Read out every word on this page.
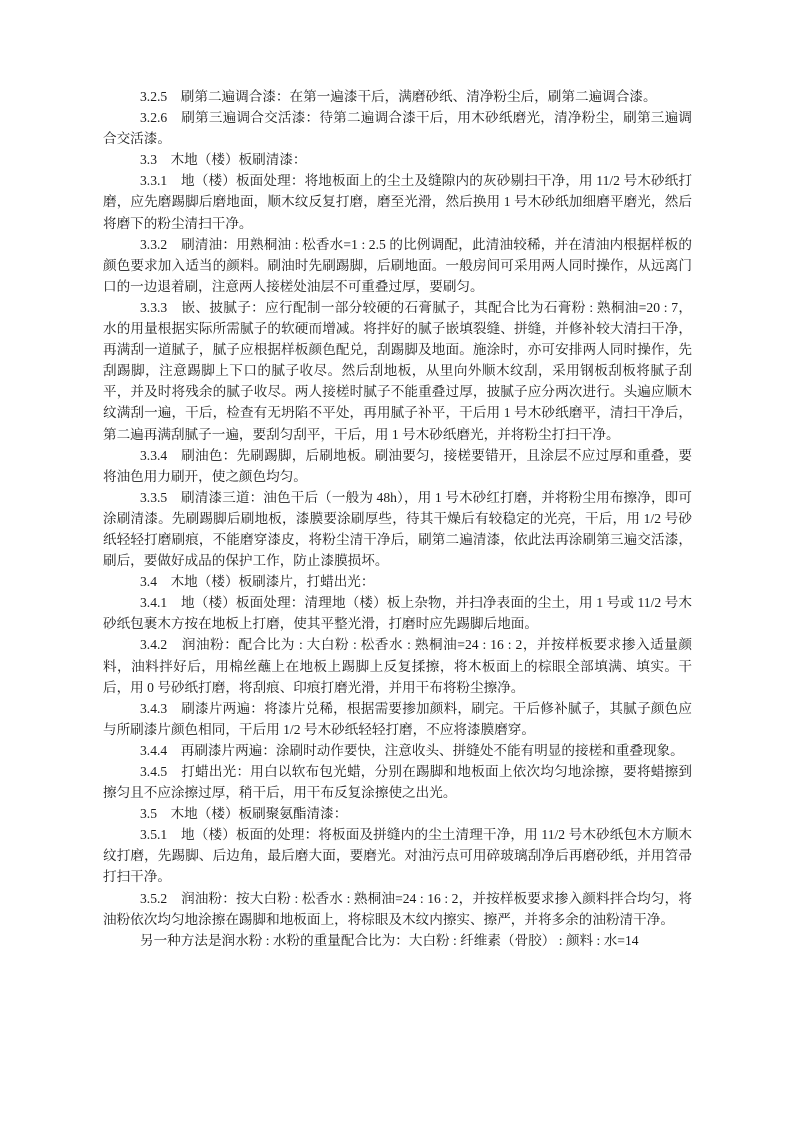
3.2.5　刷第二遍调合漆：在第一遍漆干后，满磨砂纸、清净粉尘后，刷第二遍调合漆。

3.2.6　刷第三遍调合交活漆：待第二遍调合漆干后，用木砂纸磨光，清净粉尘，刷第三遍调合交活漆。

3.3　木地（楼）板刷清漆：

3.3.1　地（楼）板面处理：将地板面上的尘土及缝隙内的灰砂剔扫干净，用 11/2 号木砂纸打磨，应先磨踢脚后磨地面，顺木纹反复打磨，磨至光滑，然后换用 1 号木砂纸加细磨平磨光，然后将磨下的粉尘清扫干净。

3.3.2　刷清油：用熟桐油 : 松香水=1 : 2.5 的比例调配，此清油较稀，并在清油内根据样板的颜色要求加入适当的颜料。刷油时先刷踢脚，后刷地面。一般房间可采用两人同时操作，从远离门口的一边退着刷，注意两人接槎处油层不可重叠过厚，要刷匀。

3.3.3　嵌、披腻子：应行配制一部分较硬的石膏腻子，其配合比为石膏粉 : 熟桐油=20 : 7，水的用量根据实际所需腻子的软硬而增减。将拌好的腻子嵌填裂缝、拼缝，并修补较大清扫干净，再满刮一道腻子，腻子应根据样板颜色配兑，刮踢脚及地面。施涂时，亦可安排两人同时操作，先刮踢脚，注意踢脚上下口的腻子收尽。然后刮地板，从里向外顺木纹刮，采用钢板刮板将腻子刮平，并及时将残余的腻子收尽。两人接槎时腻子不能重叠过厚，披腻子应分两次进行。头遍应顺木纹满刮一遍，干后，检查有无坍陷不平处，再用腻子补平，干后用 1 号木砂纸磨平，清扫干净后，第二遍再满刮腻子一遍，要刮匀刮平，干后，用 1 号木砂纸磨光，并将粉尘打扫干净。

3.3.4　刷油色：先刷踢脚，后刷地板。刷油要匀，接槎要错开，且涂层不应过厚和重叠，要将油色用力刷开，使之颜色均匀。

3.3.5　刷清漆三道：油色干后（一般为 48h），用 1 号木砂红打磨，并将粉尘用布擦净，即可涂刷清漆。先刷踢脚后刷地板，漆膜要涂刷厚些，待其干燥后有较稳定的光亮，干后，用 1/2 号砂纸轻轻打磨刷痕，不能磨穿漆皮，将粉尘清干净后，刷第二遍清漆，依此法再涂刷第三遍交活漆，刷后，要做好成品的保护工作，防止漆膜损坏。

3.4　木地（楼）板刷漆片，打蜡出光：

3.4.1　地（楼）板面处理：清理地（楼）板上杂物，并扫净表面的尘土，用 1 号或 11/2 号木砂纸包裹木方按在地板上打磨，使其平整光滑，打磨时应先踢脚后地面。

3.4.2　润油粉：配合比为 : 大白粉 : 松香水 : 熟桐油=24 : 16 : 2，并按样板要求掺入适量颜料，油料拌好后，用棉丝蘸上在地板上踢脚上反复揉擦，将木板面上的棕眼全部填满、填实。干后，用 0 号砂纸打磨，将刮痕、印痕打磨光滑，并用干布将粉尘擦净。

3.4.3　刷漆片两遍：将漆片兑稀，根据需要掺加颜料，刷完。干后修补腻子，其腻子颜色应与所刷漆片颜色相同，干后用 1/2 号木砂纸轻轻打磨，不应将漆膜磨穿。

3.4.4　再刷漆片两遍：涂刷时动作要快，注意收头、拼缝处不能有明显的接槎和重叠现象。

3.4.5　打蜡出光：用白以软布包光蜡，分别在踢脚和地板面上依次均匀地涂擦，要将蜡擦到擦匀且不应涂擦过厚，稍干后，用干布反复涂擦使之出光。

3.5　木地（楼）板刷聚氨酯清漆：

3.5.1　地（楼）板面的处理：将板面及拼缝内的尘土清理干净，用 11/2 号木砂纸包木方顺木纹打磨，先踢脚、后边角，最后磨大面，要磨光。对油污点可用碎玻璃刮净后再磨砂纸，并用笤帚打扫干净。

3.5.2　润油粉：按大白粉 : 松香水 : 熟桐油=24 : 16 : 2，并按样板要求掺入颜料拌合均匀，将油粉依次均匀地涂擦在踢脚和地板面上，将棕眼及木纹内擦实、擦严，并将多余的油粉清干净。

另一种方法是润水粉 : 水粉的重量配合比为：大白粉 : 纤维素（骨胶） : 颜料 : 水=14
